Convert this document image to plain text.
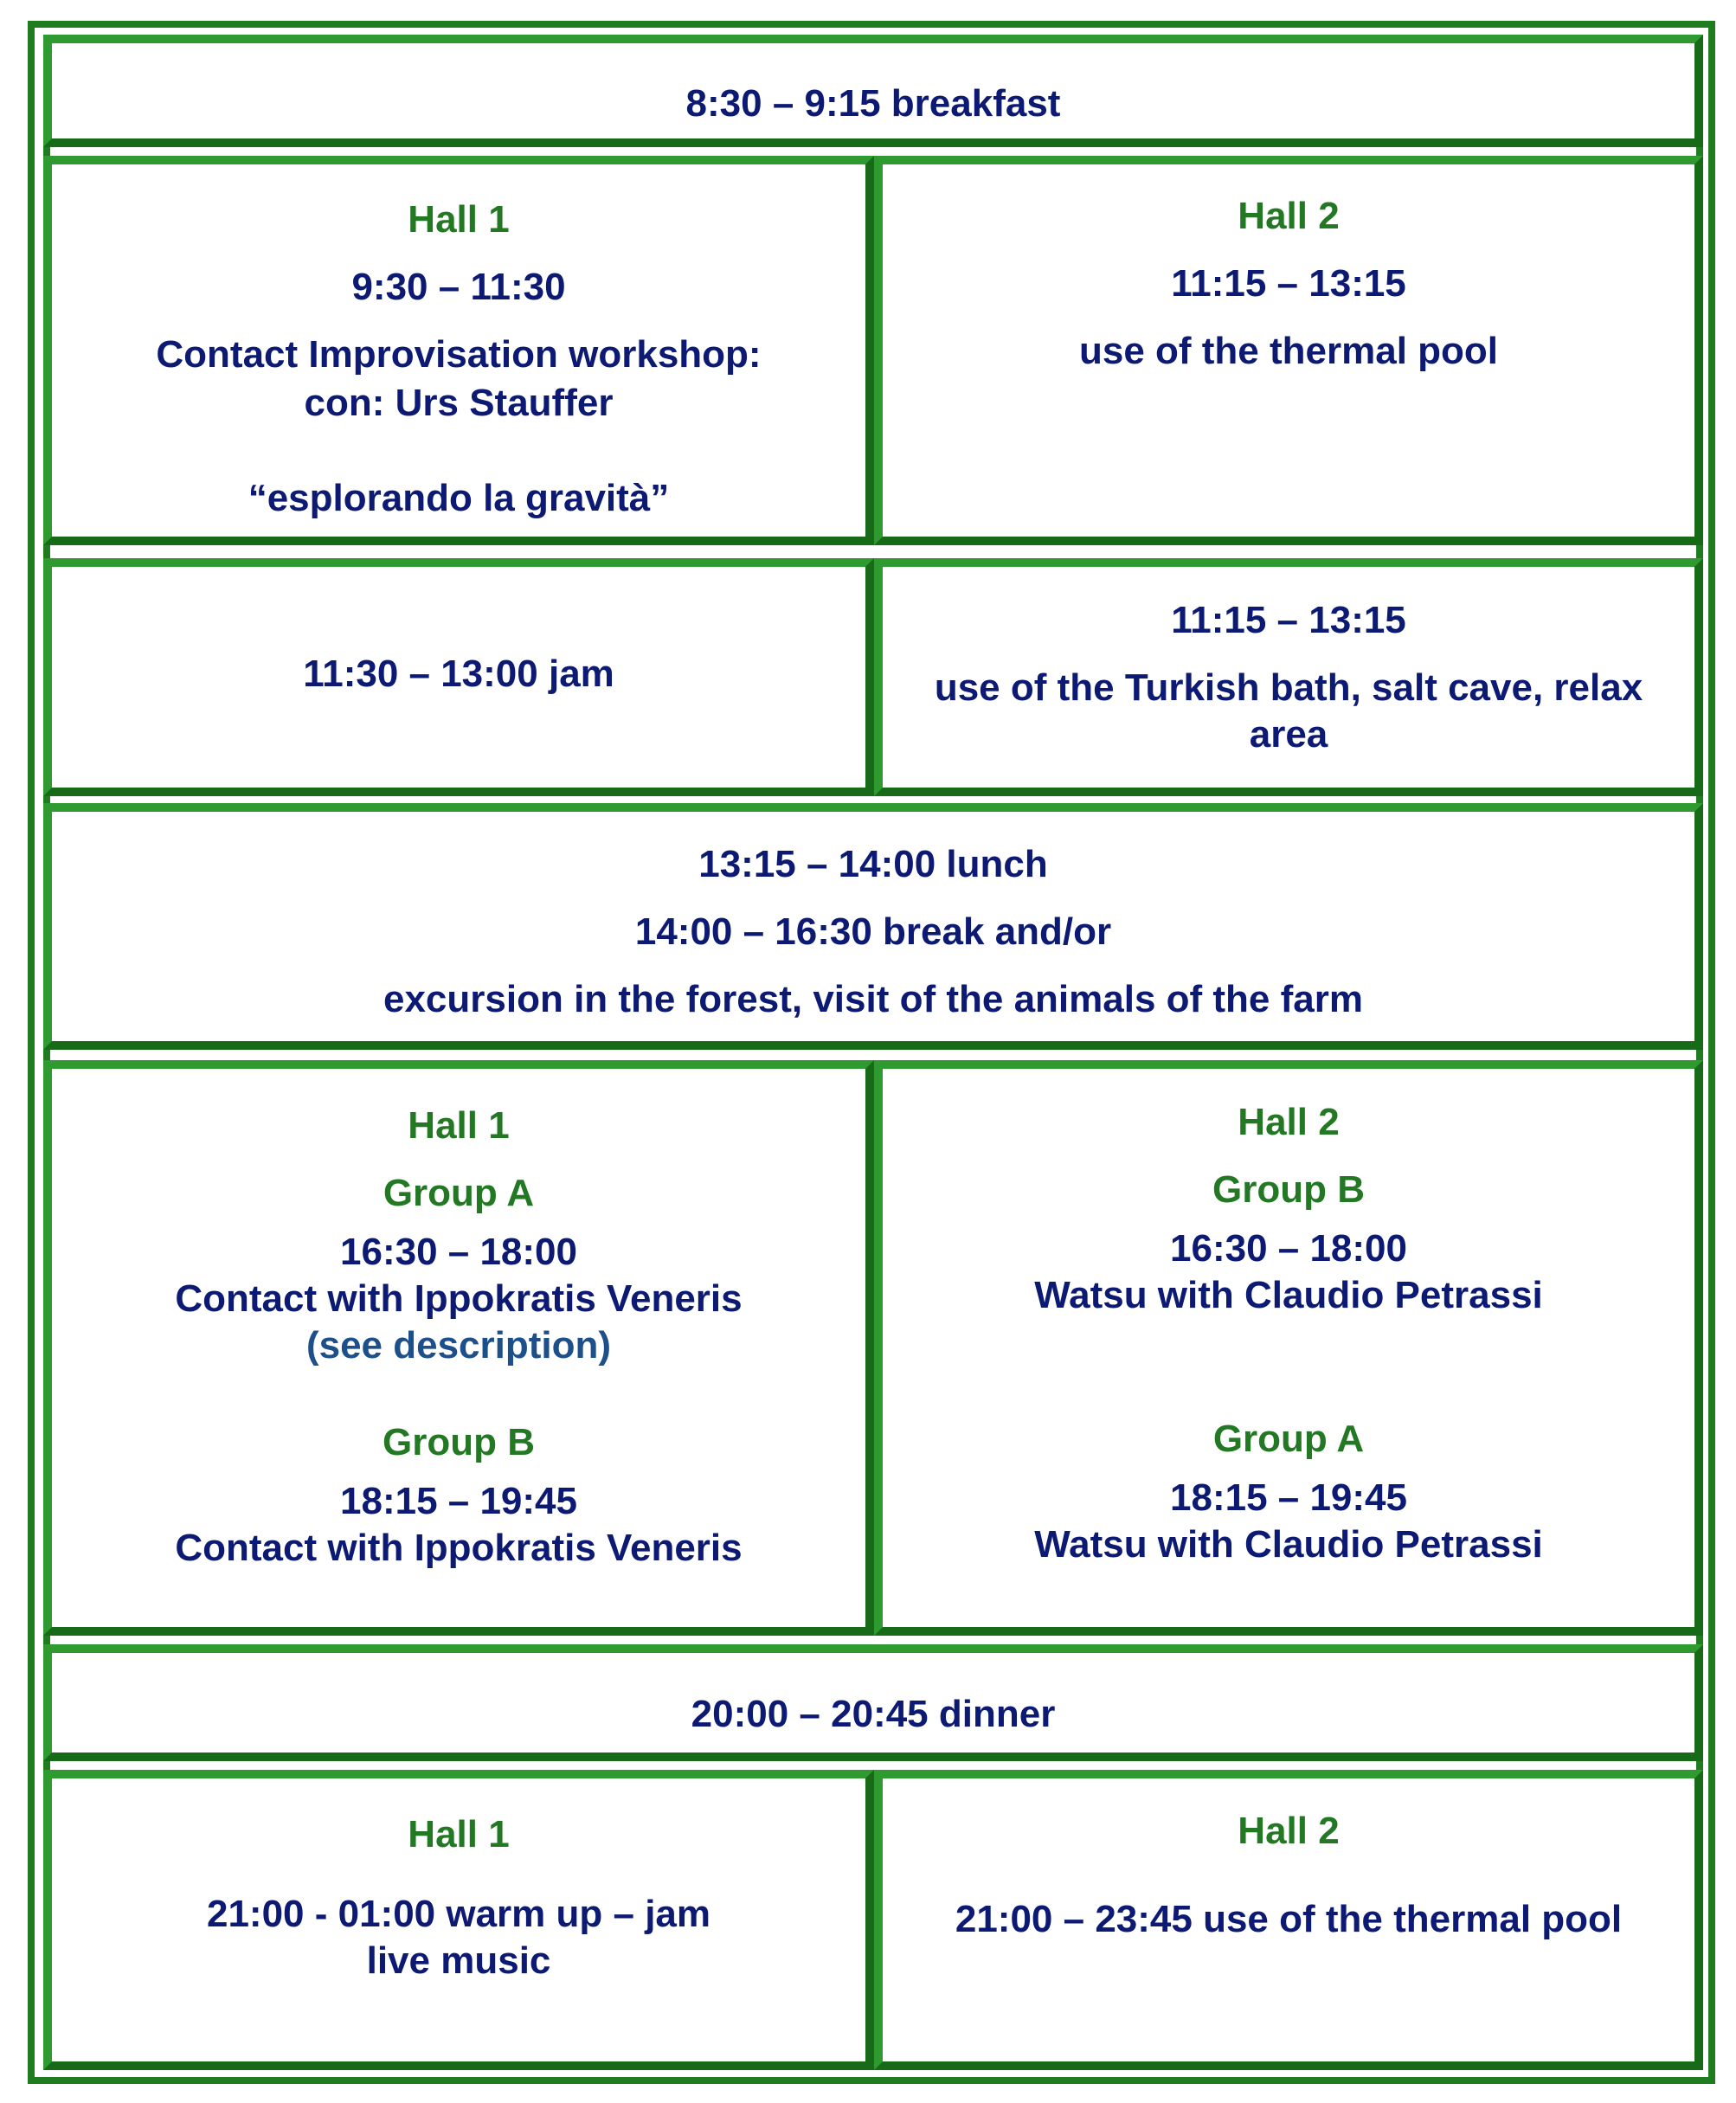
8:30 – 9:15 breakfast
Hall 1
9:30 – 11:30
Contact Improvisation workshop:
con: Urs Stauffer
“esplorando la gravità”
Hall 2
11:15 – 13:15
use of the thermal pool
11:30 – 13:00 jam
11:15 – 13:15
use of the Turkish bath, salt cave, relax
area
13:15 – 14:00 lunch
14:00 – 16:30 break and/or
excursion in the forest, visit of the animals of the farm
Hall 1
Group A
16:30 – 18:00
Contact with Ippokratis Veneris
(see description)
Group B
18:15 – 19:45
Contact with Ippokratis Veneris
Hall 2
Group B
16:30 – 18:00
Watsu with Claudio Petrassi
Group A
18:15 – 19:45
Watsu with Claudio Petrassi
20:00 – 20:45 dinner
Hall 1
21:00 - 01:00 warm up – jam
live music
Hall 2
21:00 – 23:45 use of the thermal pool
